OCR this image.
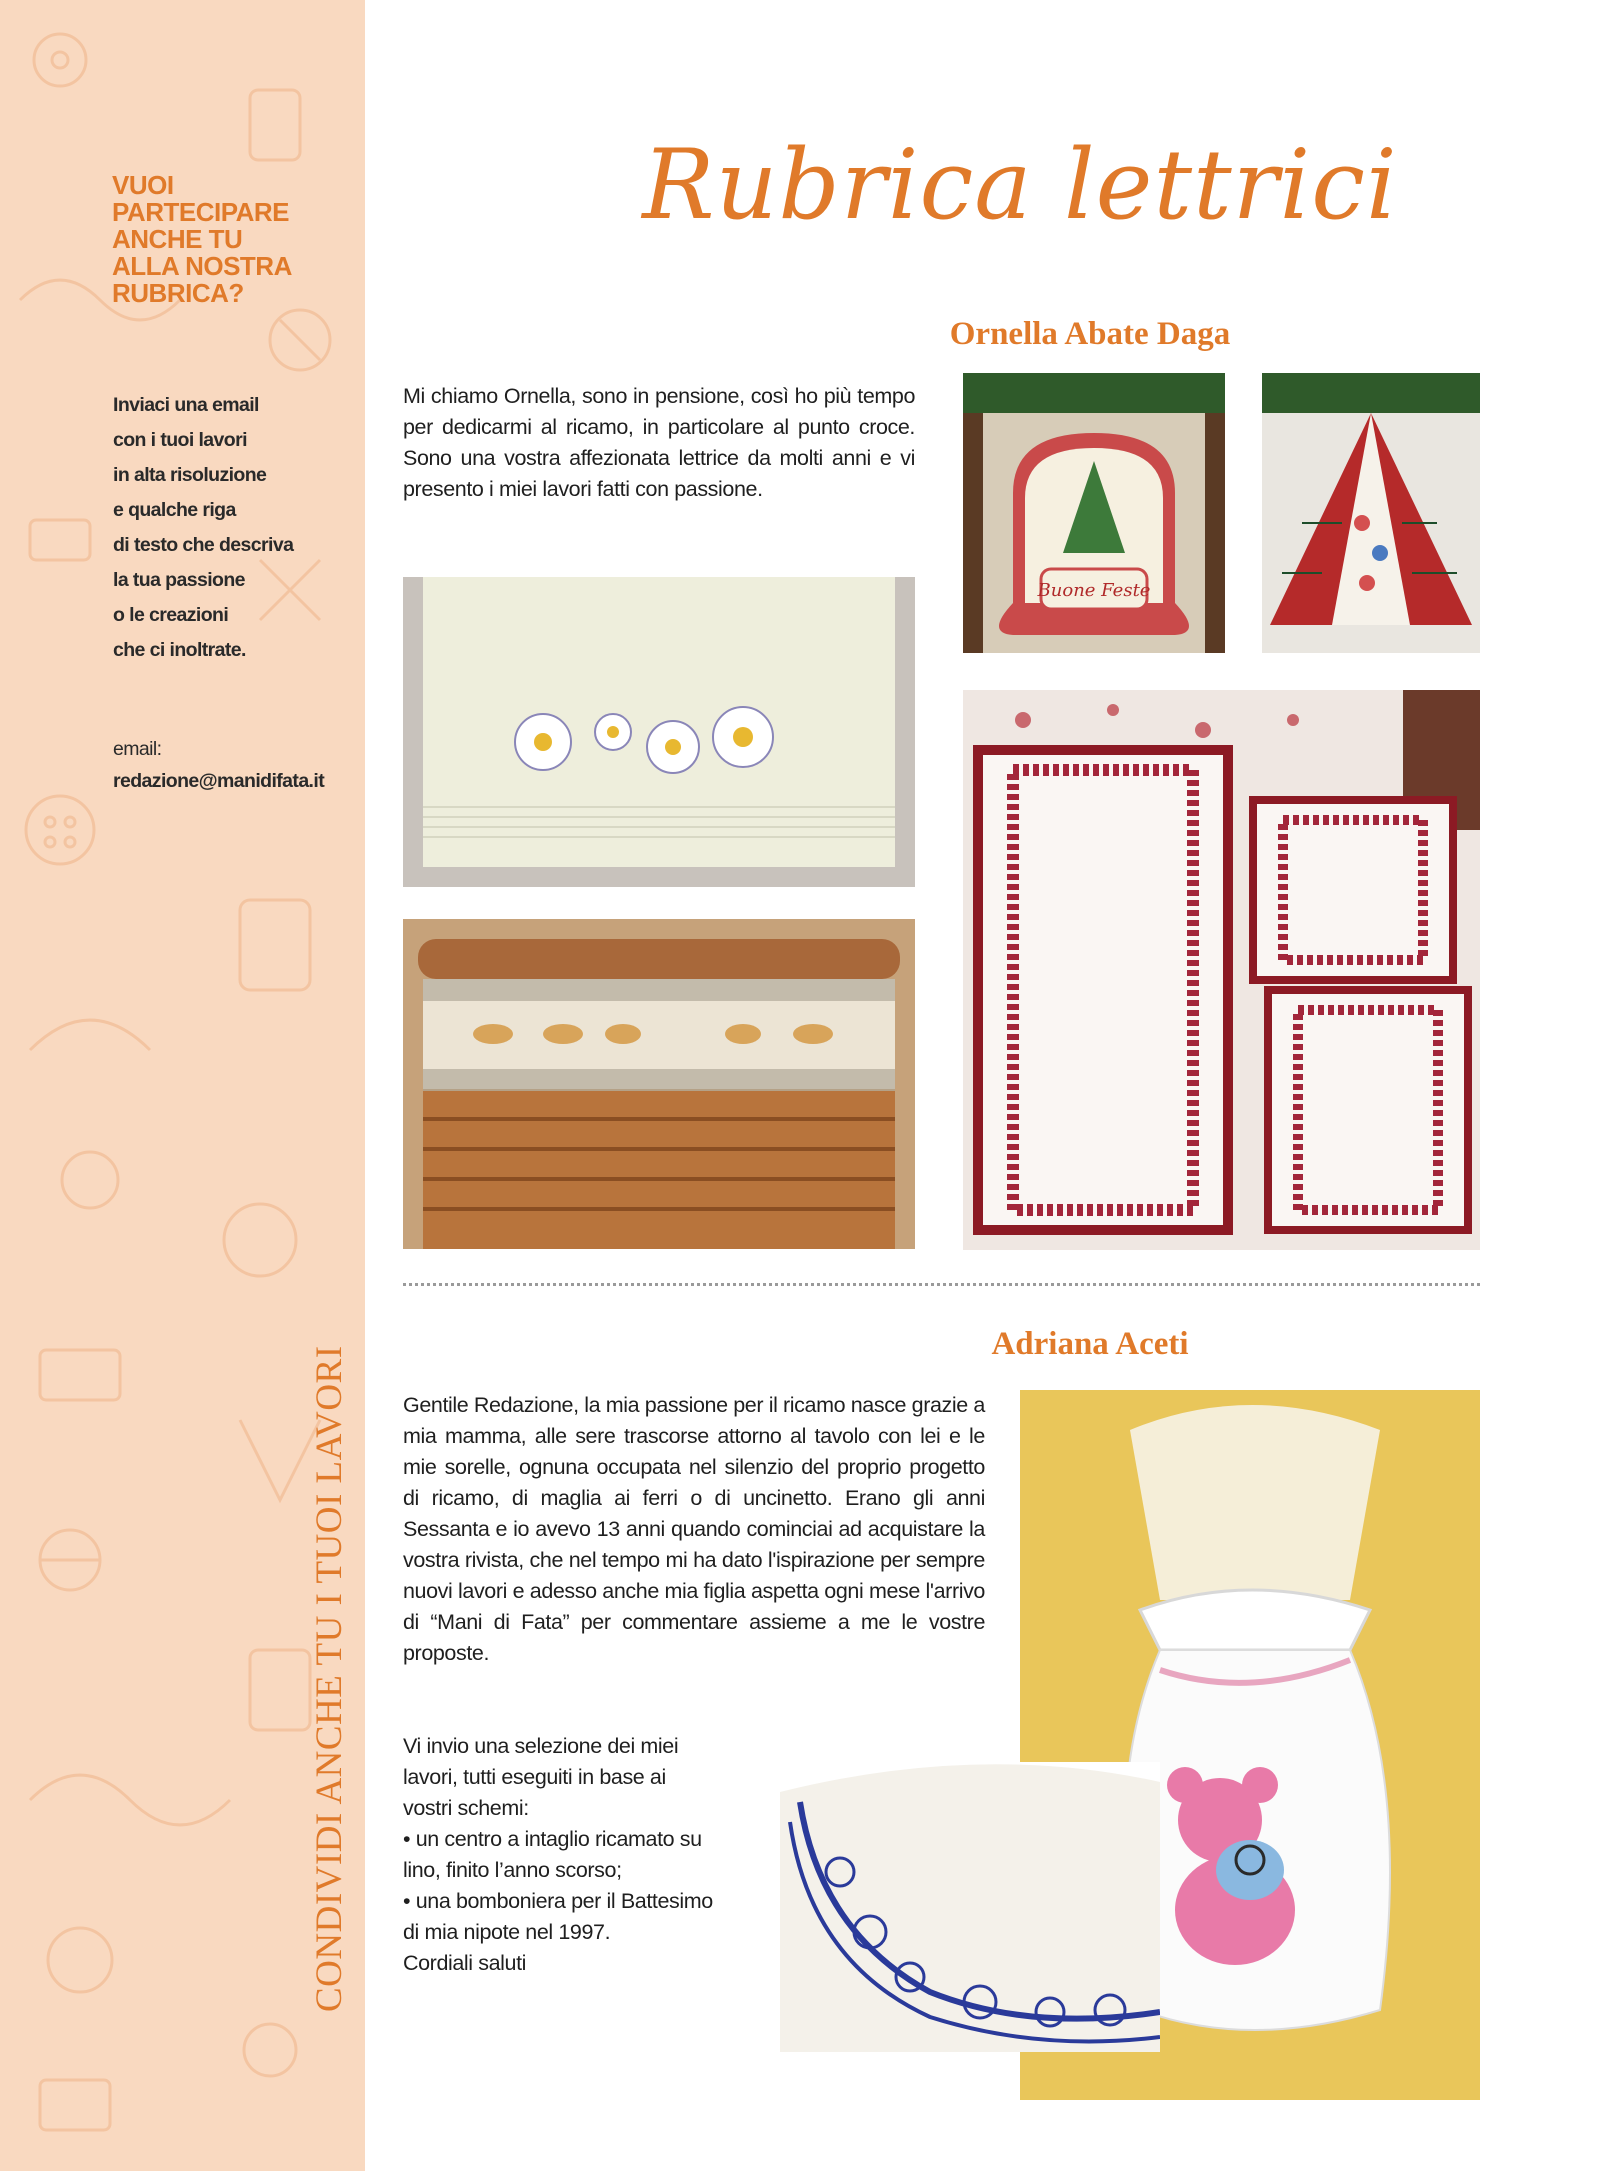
VUOI
PARTECIPARE
ANCHE TU
ALLA NOSTRA
RUBRICA?
Inviaci una email
con i tuoi lavori
in alta risoluzione
e qualche riga
di testo che descriva
la tua passione
o le creazioni
che ci inoltrate.
email:
redazione@manidifata.it
CONDIVIDI ANCHE TU I TUOI LAVORI
Rubrica lettrici
Ornella Abate Daga
Mi chiamo Ornella, sono in pensione, così ho più tempo per dedicarmi al ricamo, in particolare al punto croce. Sono una vostra affezionata lettrice da molti anni e vi presento i miei lavori fatti con passione.
Buone Feste
Adriana Aceti
Gentile Redazione, la mia passione per il ricamo nasce grazie a mia mamma, alle sere trascorse attorno al tavolo con lei e le mie sorelle, ognuna occupata nel silenzio del proprio progetto di ricamo, di maglia ai ferri o di uncinetto. Erano gli anni Sessanta e io avevo 13 anni quando cominciai ad acquistare la vostra rivista, che nel tempo mi ha dato l'ispirazione per sempre nuovi lavori e adesso anche mia figlia aspetta ogni mese l'arrivo di “Mani di Fata” per commentare assieme a me le vostre proposte.
Vi invio una selezione dei miei
lavori, tutti eseguiti in base ai
vostri schemi:
• un centro a intaglio ricamato su
lino, finito l’anno scorso;
• una bomboniera per il Battesimo
di mia nipote nel 1997.
Cordiali saluti
